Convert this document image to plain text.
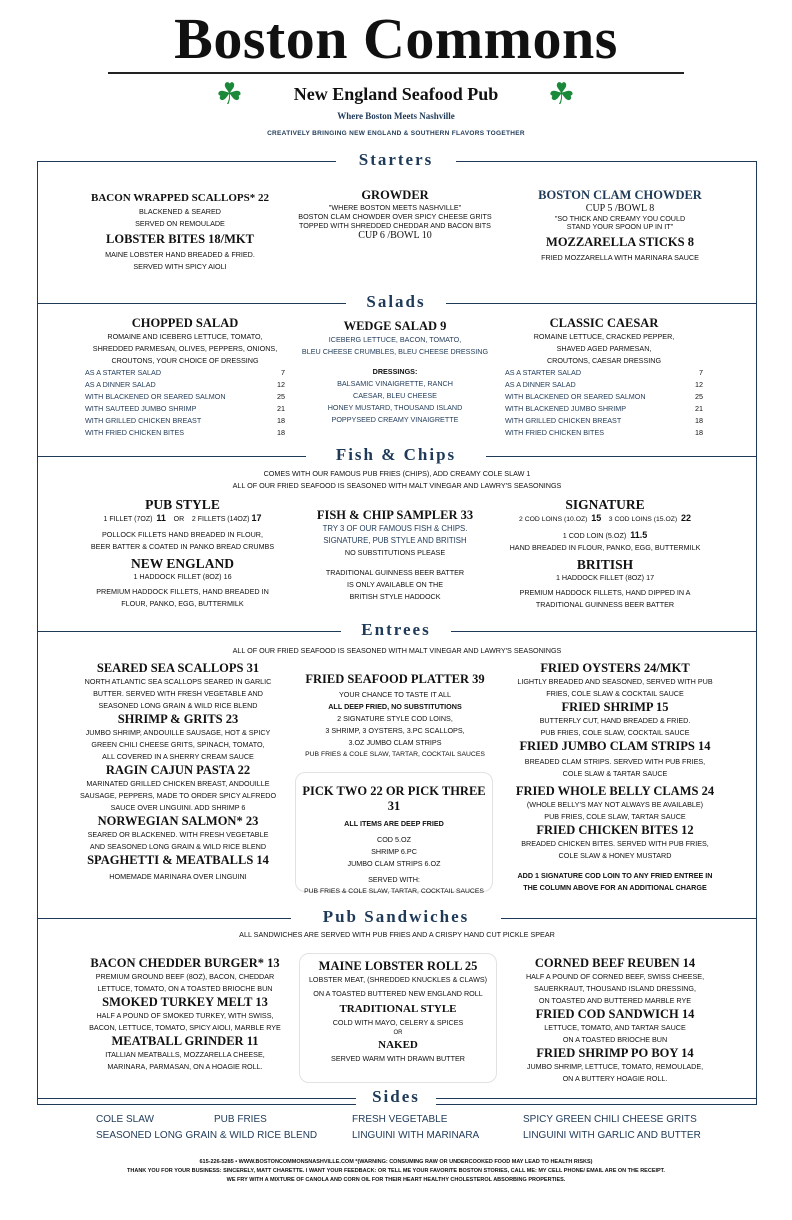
Boston Commons
☘	☘
New England Seafood Pub
Where Boston Meets Nashville
CREATIVELY BRINGING NEW ENGLAND & SOUTHERN FLAVORS TOGETHER
Starters
Salads
Fish & Chips
Entrees
Pub Sandwiches
Sides
BACON WRAPPED SCALLOPS* 22
BLACKENED & SEARED
SERVED ON REMOULADE
LOBSTER BITES 18/MKT
MAINE LOBSTER HAND BREADED & FRIED.
SERVED WITH SPICY AIOLI
GROWDER
"WHERE BOSTON MEETS NASHVILLE"
BOSTON CLAM CHOWDER OVER SPICY CHEESE GRITS
TOPPED WITH SHREDDED CHEDDAR AND BACON BITS
CUP 6 /BOWL 10
BOSTON CLAM CHOWDER
CUP 5 /BOWL 8
"SO THICK AND CREAMY YOU COULD
STAND YOUR SPOON UP IN IT"
MOZZARELLA STICKS 8
FRIED MOZZARELLA WITH MARINARA SAUCE
CHOPPED SALAD
ROMAINE AND ICEBERG LETTUCE, TOMATO,
SHREDDED PARMESAN, OLIVES, PEPPERS, ONIONS,
CROUTONS, YOUR CHOICE OF DRESSING
AS A STARTER SALAD	7
AS A DINNER SALAD	12
WITH BLACKENED OR SEARED SALMON	25
WITH SAUTEED JUMBO SHRIMP	21
WITH GRILLED CHICKEN BREAST	18
WITH FRIED CHICKEN BITES	18
WEDGE SALAD 9
ICEBERG LETTUCE, BACON, TOMATO,
BLEU CHEESE CRUMBLES, BLEU CHEESE DRESSING
DRESSINGS:
BALSAMIC VINAIGRETTE, RANCH
CAESAR, BLEU CHEESE
HONEY MUSTARD, THOUSAND ISLAND
POPPYSEED CREAMY VINAIGRETTE
CLASSIC CAESAR
ROMAINE LETTUCE, CRACKED PEPPER,
SHAVED AGED PARMESAN,
CROUTONS, CAESAR DRESSING
AS A STARTER SALAD	7
AS A DINNER SALAD	12
WITH BLACKENED OR SEARED SALMON	25
WITH BLACKENED JUMBO SHRIMP	21
WITH GRILLED CHICKEN BREAST	18
WITH FRIED CHICKEN BITES	18
COMES WITH OUR FAMOUS PUB FRIES (CHIPS), ADD CREAMY COLE SLAW 1
ALL OF OUR FRIED SEAFOOD IS SEASONED WITH MALT VINEGAR AND LAWRY'S SEASONINGS
PUB STYLE
1 FILLET (7OZ) 11 OR 2 FILLETS (14OZ) 17
POLLOCK FILLETS HAND BREADED IN FLOUR,
BEER BATTER & COATED IN PANKO BREAD CRUMBS
NEW ENGLAND
1 HADDOCK FILLET (8OZ) 16
PREMIUM HADDOCK FILLETS, HAND BREADED IN
FLOUR, PANKO, EGG, BUTTERMILK
FISH & CHIP SAMPLER 33
TRY 3 OF OUR FAMOUS FISH & CHIPS.
SIGNATURE, PUB STYLE AND BRITISH
NO SUBSTITUTIONS PLEASE
TRADITIONAL GUINNESS BEER BATTER
IS ONLY AVAILABLE ON THE
BRITISH STYLE HADDOCK
SIGNATURE
2 COD LOINS (10.OZ) 15 3 COD LOINS (15.OZ) 22
1 COD LOIN (5.OZ) 11.5
HAND BREADED IN FLOUR, PANKO, EGG, BUTTERMILK
BRITISH
1 HADDOCK FILLET (8OZ) 17
PREMIUM HADDOCK FILLETS, HAND DIPPED IN A
TRADITIONAL GUINNESS BEER BATTER
ALL OF OUR FRIED SEAFOOD IS SEASONED WITH MALT VINEGAR AND LAWRY'S SEASONINGS
SEARED SEA SCALLOPS 31
NORTH ATLANTIC SEA SCALLOPS SEARED IN GARLIC
BUTTER. SERVED WITH FRESH VEGETABLE AND
SEASONED LONG GRAIN & WILD RICE BLEND
SHRIMP & GRITS 23
JUMBO SHRIMP, ANDOUILLE SAUSAGE, HOT & SPICY
GREEN CHILI CHEESE GRITS, SPINACH, TOMATO,
ALL COVERED IN A SHERRY CREAM SAUCE
RAGIN CAJUN PASTA 22
MARINATED GRILLED CHICKEN BREAST, ANDOUILLE
SAUSAGE, PEPPERS, MADE TO ORDER SPICY ALFREDO
SAUCE OVER LINGUINI. ADD SHRIMP 6
NORWEGIAN SALMON* 23
SEARED OR BLACKENED. WITH FRESH VEGETABLE
AND SEASONED LONG GRAIN & WILD RICE BLEND
SPAGHETTI & MEATBALLS 14
HOMEMADE MARINARA OVER LINGUINI
FRIED SEAFOOD PLATTER 39
YOUR CHANCE TO TASTE IT ALL
ALL DEEP FRIED, NO SUBSTITUTIONS
2 SIGNATURE STYLE COD LOINS,
3 SHRIMP, 3 OYSTERS, 3.PC SCALLOPS,
3.OZ JUMBO CLAM STRIPS
PUB FRIES & COLE SLAW, TARTAR, COCKTAIL SAUCES
PICK TWO 22 OR PICK THREE 31
ALL ITEMS ARE DEEP FRIED
COD 5.OZ
SHRIMP 6.PC
JUMBO CLAM STRIPS 6.OZ
SERVED WITH:
PUB FRIES & COLE SLAW, TARTAR, COCKTAIL SAUCES
FRIED OYSTERS 24/MKT
LIGHTLY BREADED AND SEASONED, SERVED WITH PUB
FRIES, COLE SLAW & COCKTAIL SAUCE
FRIED SHRIMP 15
BUTTERFLY CUT, HAND BREADED & FRIED.
PUB FRIES, COLE SLAW, COCKTAIL SAUCE
FRIED JUMBO CLAM STRIPS 14
BREADED CLAM STRIPS. SERVED WITH PUB FRIES,
COLE SLAW & TARTAR SAUCE
FRIED WHOLE BELLY CLAMS 24
(WHOLE BELLY'S MAY NOT ALWAYS BE AVAILABLE)
PUB FRIES, COLE SLAW, TARTAR SAUCE
FRIED CHICKEN BITES 12
BREADED CHICKEN BITES. SERVED WITH PUB FRIES,
COLE SLAW & HONEY MUSTARD
ADD 1 SIGNATURE COD LOIN TO ANY FRIED ENTREE IN
THE COLUMN ABOVE FOR AN ADDITIONAL CHARGE
ALL SANDWICHES ARE SERVED WITH PUB FRIES AND A CRISPY HAND CUT PICKLE SPEAR
BACON CHEDDER BURGER* 13
PREMIUM GROUND BEEF (8OZ), BACON, CHEDDAR
LETTUCE, TOMATO, ON A TOASTED BRIOCHE BUN
SMOKED TURKEY MELT 13
HALF A POUND OF SMOKED TURKEY, WITH SWISS,
BACON, LETTUCE, TOMATO, SPICY AIOLI, MARBLE RYE
MEATBALL GRINDER 11
ITALLIAN MEATBALLS, MOZZARELLA CHEESE,
MARINARA, PARMASAN, ON A HOAGIE ROLL.
MAINE LOBSTER ROLL 25
LOBSTER MEAT, (SHREDDED KNUCKLES & CLAWS)
ON A TOASTED BUTTERED NEW ENGLAND ROLL
TRADITIONAL STYLE
COLD WITH MAYO, CELERY & SPICES
OR
NAKED
SERVED WARM WITH DRAWN BUTTER
CORNED BEEF REUBEN 14
HALF A POUND OF CORNED BEEF, SWISS CHEESE,
SAUERKRAUT, THOUSAND ISLAND DRESSING,
ON TOASTED AND BUTTERED MARBLE RYE
FRIED COD SANDWICH 14
LETTUCE, TOMATO, AND TARTAR SAUCE
ON A TOASTED BRIOCHE BUN
FRIED SHRIMP PO BOY 14
JUMBO SHRIMP, LETTUCE, TOMATO, REMOULADE,
ON A BUTTERY HOAGIE ROLL.
COLE SLAW	PUB FRIES	FRESH VEGETABLE	SPICY GREEN CHILI CHEESE GRITS
SEASONED LONG GRAIN & WILD RICE BLEND	LINGUINI WITH MARINARA	LINGUINI WITH GARLIC AND BUTTER
615-226-5285 • WWW.BOSTONCOMMONSNASHVILLE.COM *(WARNING: CONSUMING RAW OR UNDERCOOKED FOOD MAY LEAD TO HEALTH RISKS)
THANK YOU FOR YOUR BUSINESS: SINCERELY, MATT CHARETTE. I WANT YOUR FEEDBACK: OR TELL ME YOUR FAVORITE BOSTON STORIES, CALL ME: MY CELL PHONE/ EMAIL ARE ON THE RECEIPT.
WE FRY WITH A MIXTURE OF CANOLA AND CORN OIL FOR THEIR HEART HEALTHY CHOLESTEROL ABSORBING PROPERTIES.
